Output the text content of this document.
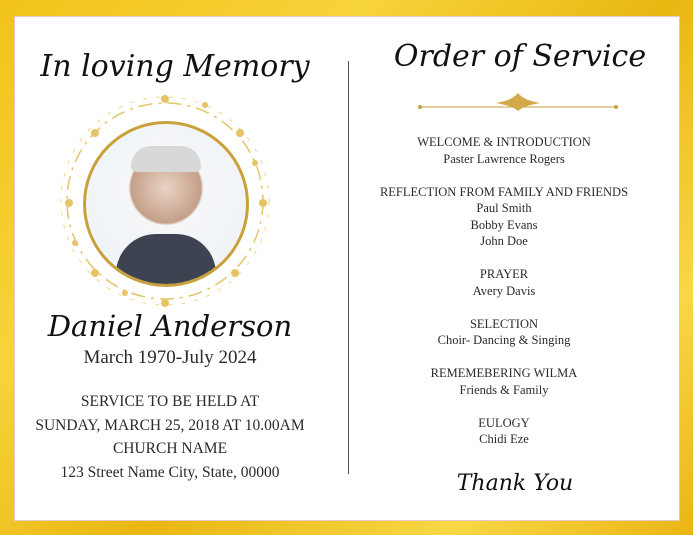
In loving Memory
Daniel Anderson
March 1970-July 2024
SERVICE TO BE HELD AT
SUNDAY, MARCH 25, 2018 AT 10.00AM
CHURCH NAME
123 Street Name City, State, 00000
Order of Service
WELCOME & INTRODUCTION
Paster Lawrence Rogers
REFLECTION FROM FAMILY AND FRIENDS
Paul Smith
Bobby Evans
John Doe
PRAYER
Avery Davis
SELECTION
Choir- Dancing & Singing
REMEMEBERING WILMA
Friends & Family
EULOGY
Chidi Eze
Thank You
